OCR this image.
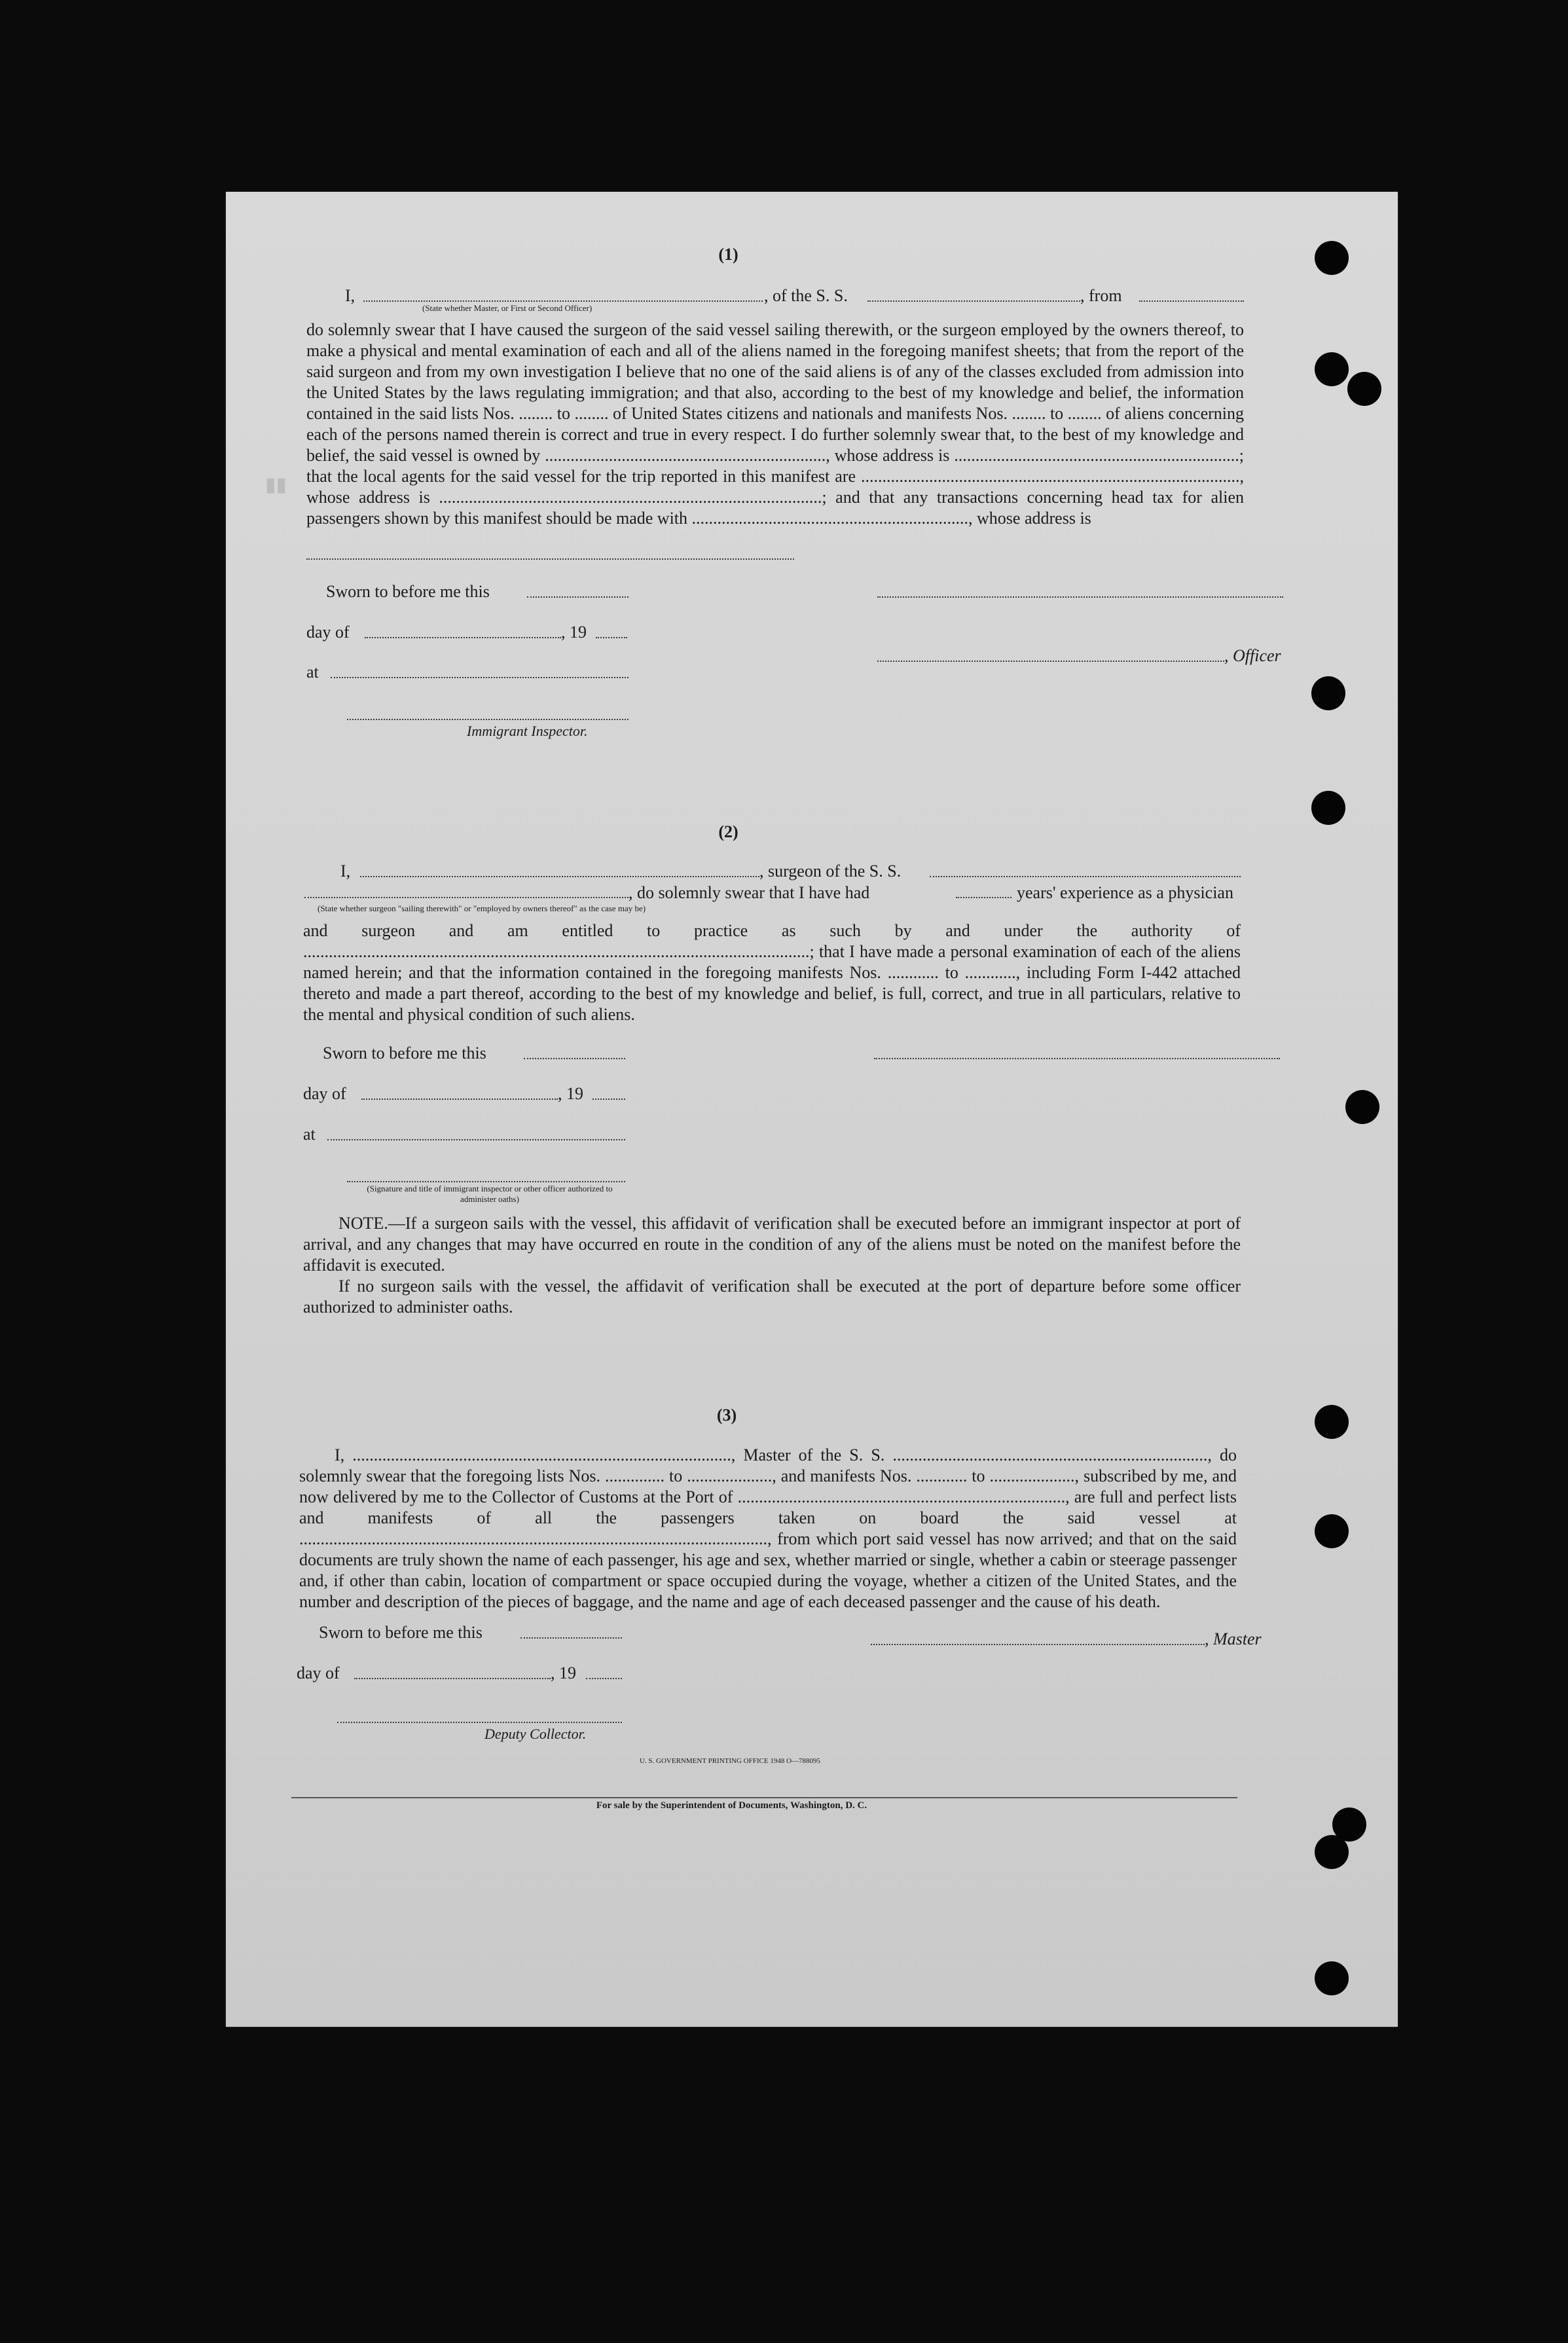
▮▮
(1)
I,	, of the S. S.	, from
(State whether Master, or First or Second Officer)
do solemnly swear that I have caused the surgeon of the said vessel sailing therewith, or the surgeon employed by the owners thereof, to make a physical and mental examination of each and all of the aliens named in the foregoing manifest sheets; that from the report of the said surgeon and from my own investigation I believe that no one of the said aliens is of any of the classes excluded from admission into the United States by the laws regulating immigration; and that also, according to the best of my knowledge and belief, the information contained in the said lists Nos. ........ to ........ of United States citizens and nationals and manifests Nos. ........ to ........ of aliens concerning each of the persons named therein is correct and true in every respect. I do further solemnly swear that, to the best of my knowledge and belief, the said vessel is owned by .................................................................., whose address is ...................................................................; that the local agents for the said vessel for the trip reported in this manifest are ........................................................................................., whose address is ..........................................................................................; and that any transactions concerning head tax for alien passengers shown by this manifest should be made with ................................................................., whose address is
Sworn to before me this
day of	, 19
, Officer
at
Immigrant Inspector.
(2)
I,	, surgeon of the S. S.
, do solemnly swear that I have had	years' experience as a physician
(State whether surgeon "sailing therewith" or "employed by owners thereof" as the case may be)
and surgeon and am entitled to practice as such by and under the authority of .......................................................................................................................; that I have made a personal examination of each of the aliens named herein; and that the information contained in the foregoing manifests Nos. ............ to ............, including Form I-442 attached thereto and made a part thereof, according to the best of my knowledge and belief, is full, correct, and true in all particulars, relative to the mental and physical condition of such aliens.
Sworn to before me this
day of	, 19
at
(Signature and title of immigrant inspector or other officer authorized to administer oaths)
NOTE.—If a surgeon sails with the vessel, this affidavit of verification shall be executed before an immigrant inspector at port of arrival, and any changes that may have occurred en route in the condition of any of the aliens must be noted on the manifest before the affidavit is executed.
If no surgeon sails with the vessel, the affidavit of verification shall be executed at the port of departure before some officer authorized to administer oaths.
(3)
I, ........................................................................................., Master of the S. S. .........................................................................., do solemnly swear that the foregoing lists Nos. .............. to ...................., and manifests Nos. ............ to ...................., subscribed by me, and now delivered by me to the Collector of Customs at the Port of ............................................................................., are full and perfect lists and manifests of all the passengers taken on board the said vessel at .............................................................................................................., from which port said vessel has now arrived; and that on the said documents are truly shown the name of each passenger, his age and sex, whether married or single, whether a cabin or steerage passenger and, if other than cabin, location of compartment or space occupied during the voyage, whether a citizen of the United States, and the number and description of the pieces of baggage, and the name and age of each deceased passenger and the cause of his death.
Sworn to before me this	, Master
day of	, 19
Deputy Collector.
U. S. GOVERNMENT PRINTING OFFICE 1948 O—788095
For sale by the Superintendent of Documents, Washington, D. C.
